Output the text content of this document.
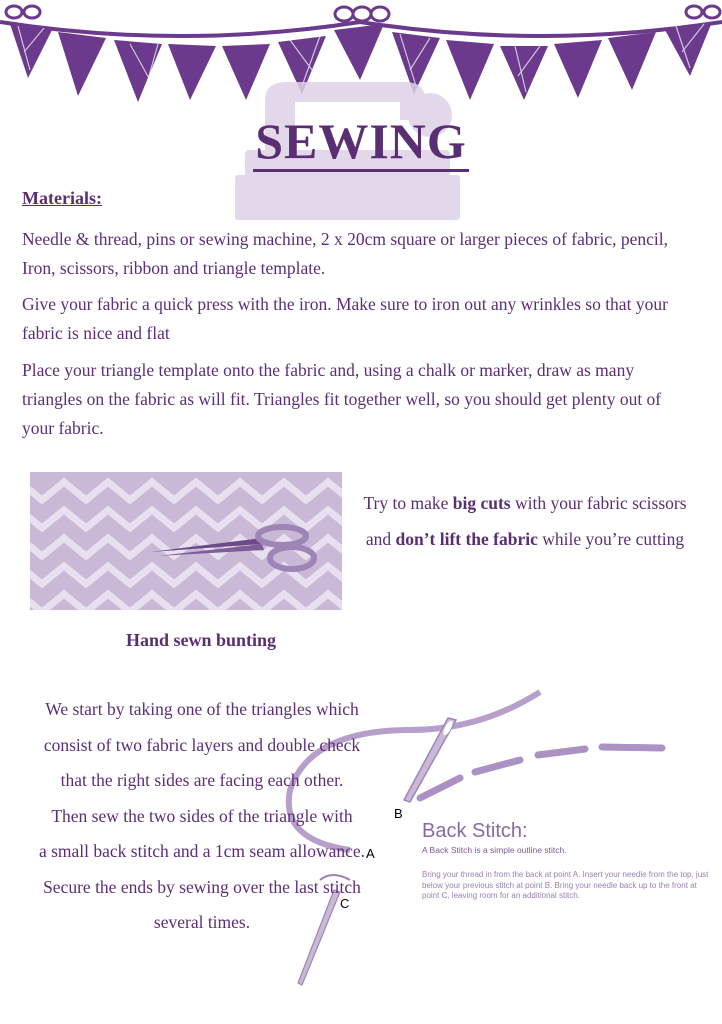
SEWING

Materials:

Needle & thread, pins or sewing machine, 2 x 20cm square or larger pieces of fabric, pencil, Iron, scissors, ribbon and triangle template.

Give your fabric a quick press with the iron. Make sure to iron out any wrinkles so that your fabric is nice and flat

Place your triangle template onto the fabric and, using a chalk or marker, draw as many triangles on the fabric as will fit. Triangles fit together well, so you should get plenty out of your fabric.

Try to make big cuts with your fabric scissors and don’t lift the fabric while you’re cutting

Hand sewn bunting

B
A
C

We start by taking one of the triangles which
consist of two fabric layers and double check
that the right sides are facing each other.
Then sew the two sides of the triangle with
a small back stitch and a 1cm seam allowance.
Secure the ends by sewing over the last stitch
several times.

Back Stitch:

A Back Stitch is a simple outline stitch.

Bring your thread in from the back at point A. Insert your needle from the top, just below your previous stitch at point B. Bring your needle back up to the front at point C, leaving room for an additional stitch.
